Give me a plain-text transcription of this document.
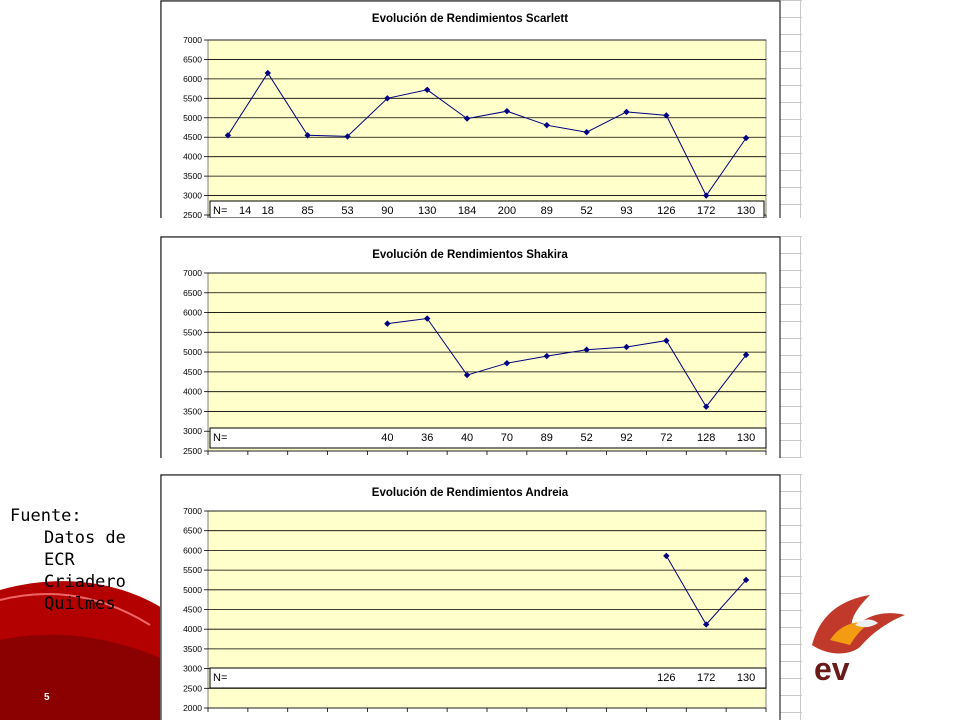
Fuente:
Datos de
ECR
Criadero
Quilmes
5
ev
Evolución de Rendimientos Scarlett
7000
6500
6000
5500
5000
4500
4000
3500
3000
2500 N= 14 18	85	53	90 130 184 200 89	52	93 126 172 130
Evolución de Rendimientos Shakira
7000
6500
6000
5500
5000
4500
4000
3500
3000
2500
N=	40	36	40	70	89	52	92	72 128 130
Evolución de Rendimientos Andreia
7000
6500
6000
5500
5000
4500
4000
3500
3000
2500
2000
N=	126 172 130
